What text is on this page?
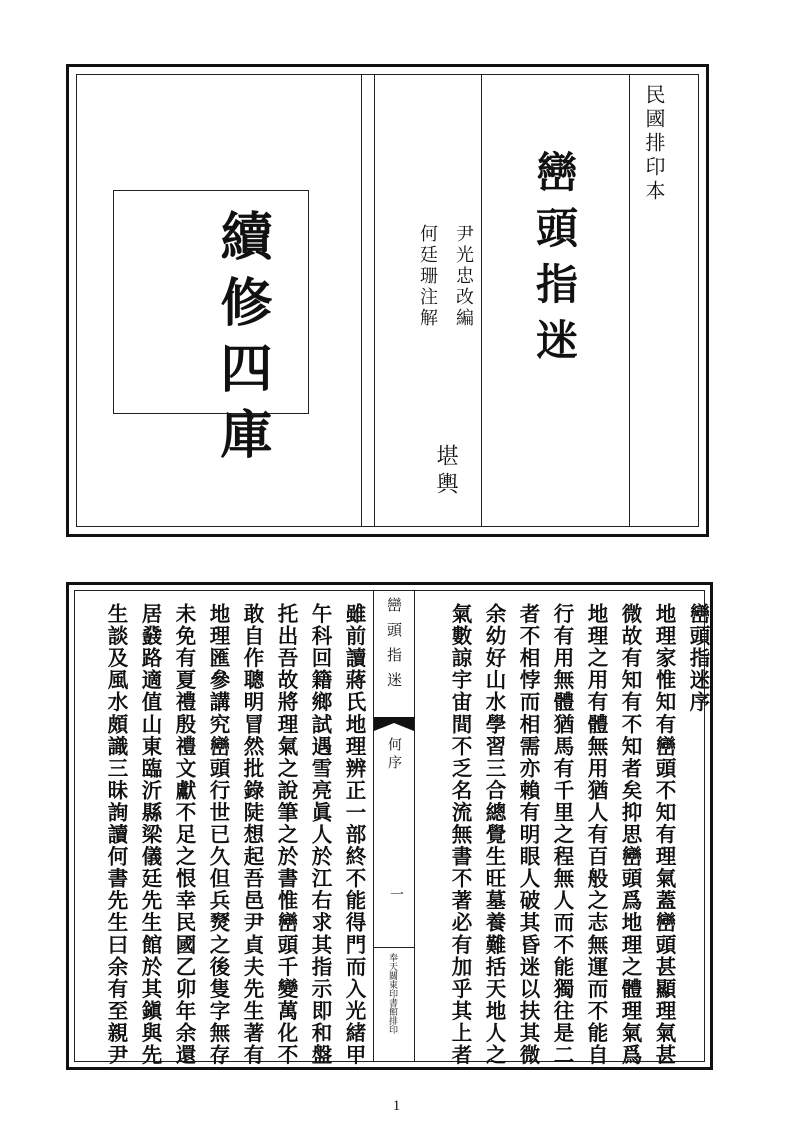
民國排印本
巒頭指迷
尹光忠改編
何廷珊注解
堪輿
續修四庫
巒頭指迷序
地理家惟知有巒頭不知有理氣蓋巒頭甚顯理氣甚
微故有知有不知者矣抑思巒頭爲地理之體理氣爲
地理之用有體無用猶人有百般之志無運而不能自
行有用無體猶馬有千里之程無人而不能獨往是二
者不相悖而相需亦賴有明眼人破其昏迷以扶其微
余幼好山水學習三合總覺生旺墓養難括天地人之
氣數諒宇宙間不乏名流無書不著必有加乎其上者
巒頭指迷
何序
一
奉天關東印書館排印
雖前讀蔣氏地理辨正一部終不能得門而入光緒甲
午科回籍鄉試遇雪亮眞人於江右求其指示即和盤
托出吾故將理氣之說筆之於書惟巒頭千變萬化不
敢自作聰明冒然批錄陡想起吾邑尹貞夫先生著有
地理匯參講究巒頭行世已久但兵燹之後隻字無存
未免有夏禮殷禮文獻不足之恨幸民國乙卯年余還
居鼗路適值山東臨沂縣梁儀廷先生館於其鎭與先
生談及風水頗識三昧詢讀何書先生曰余有至親尹
1
